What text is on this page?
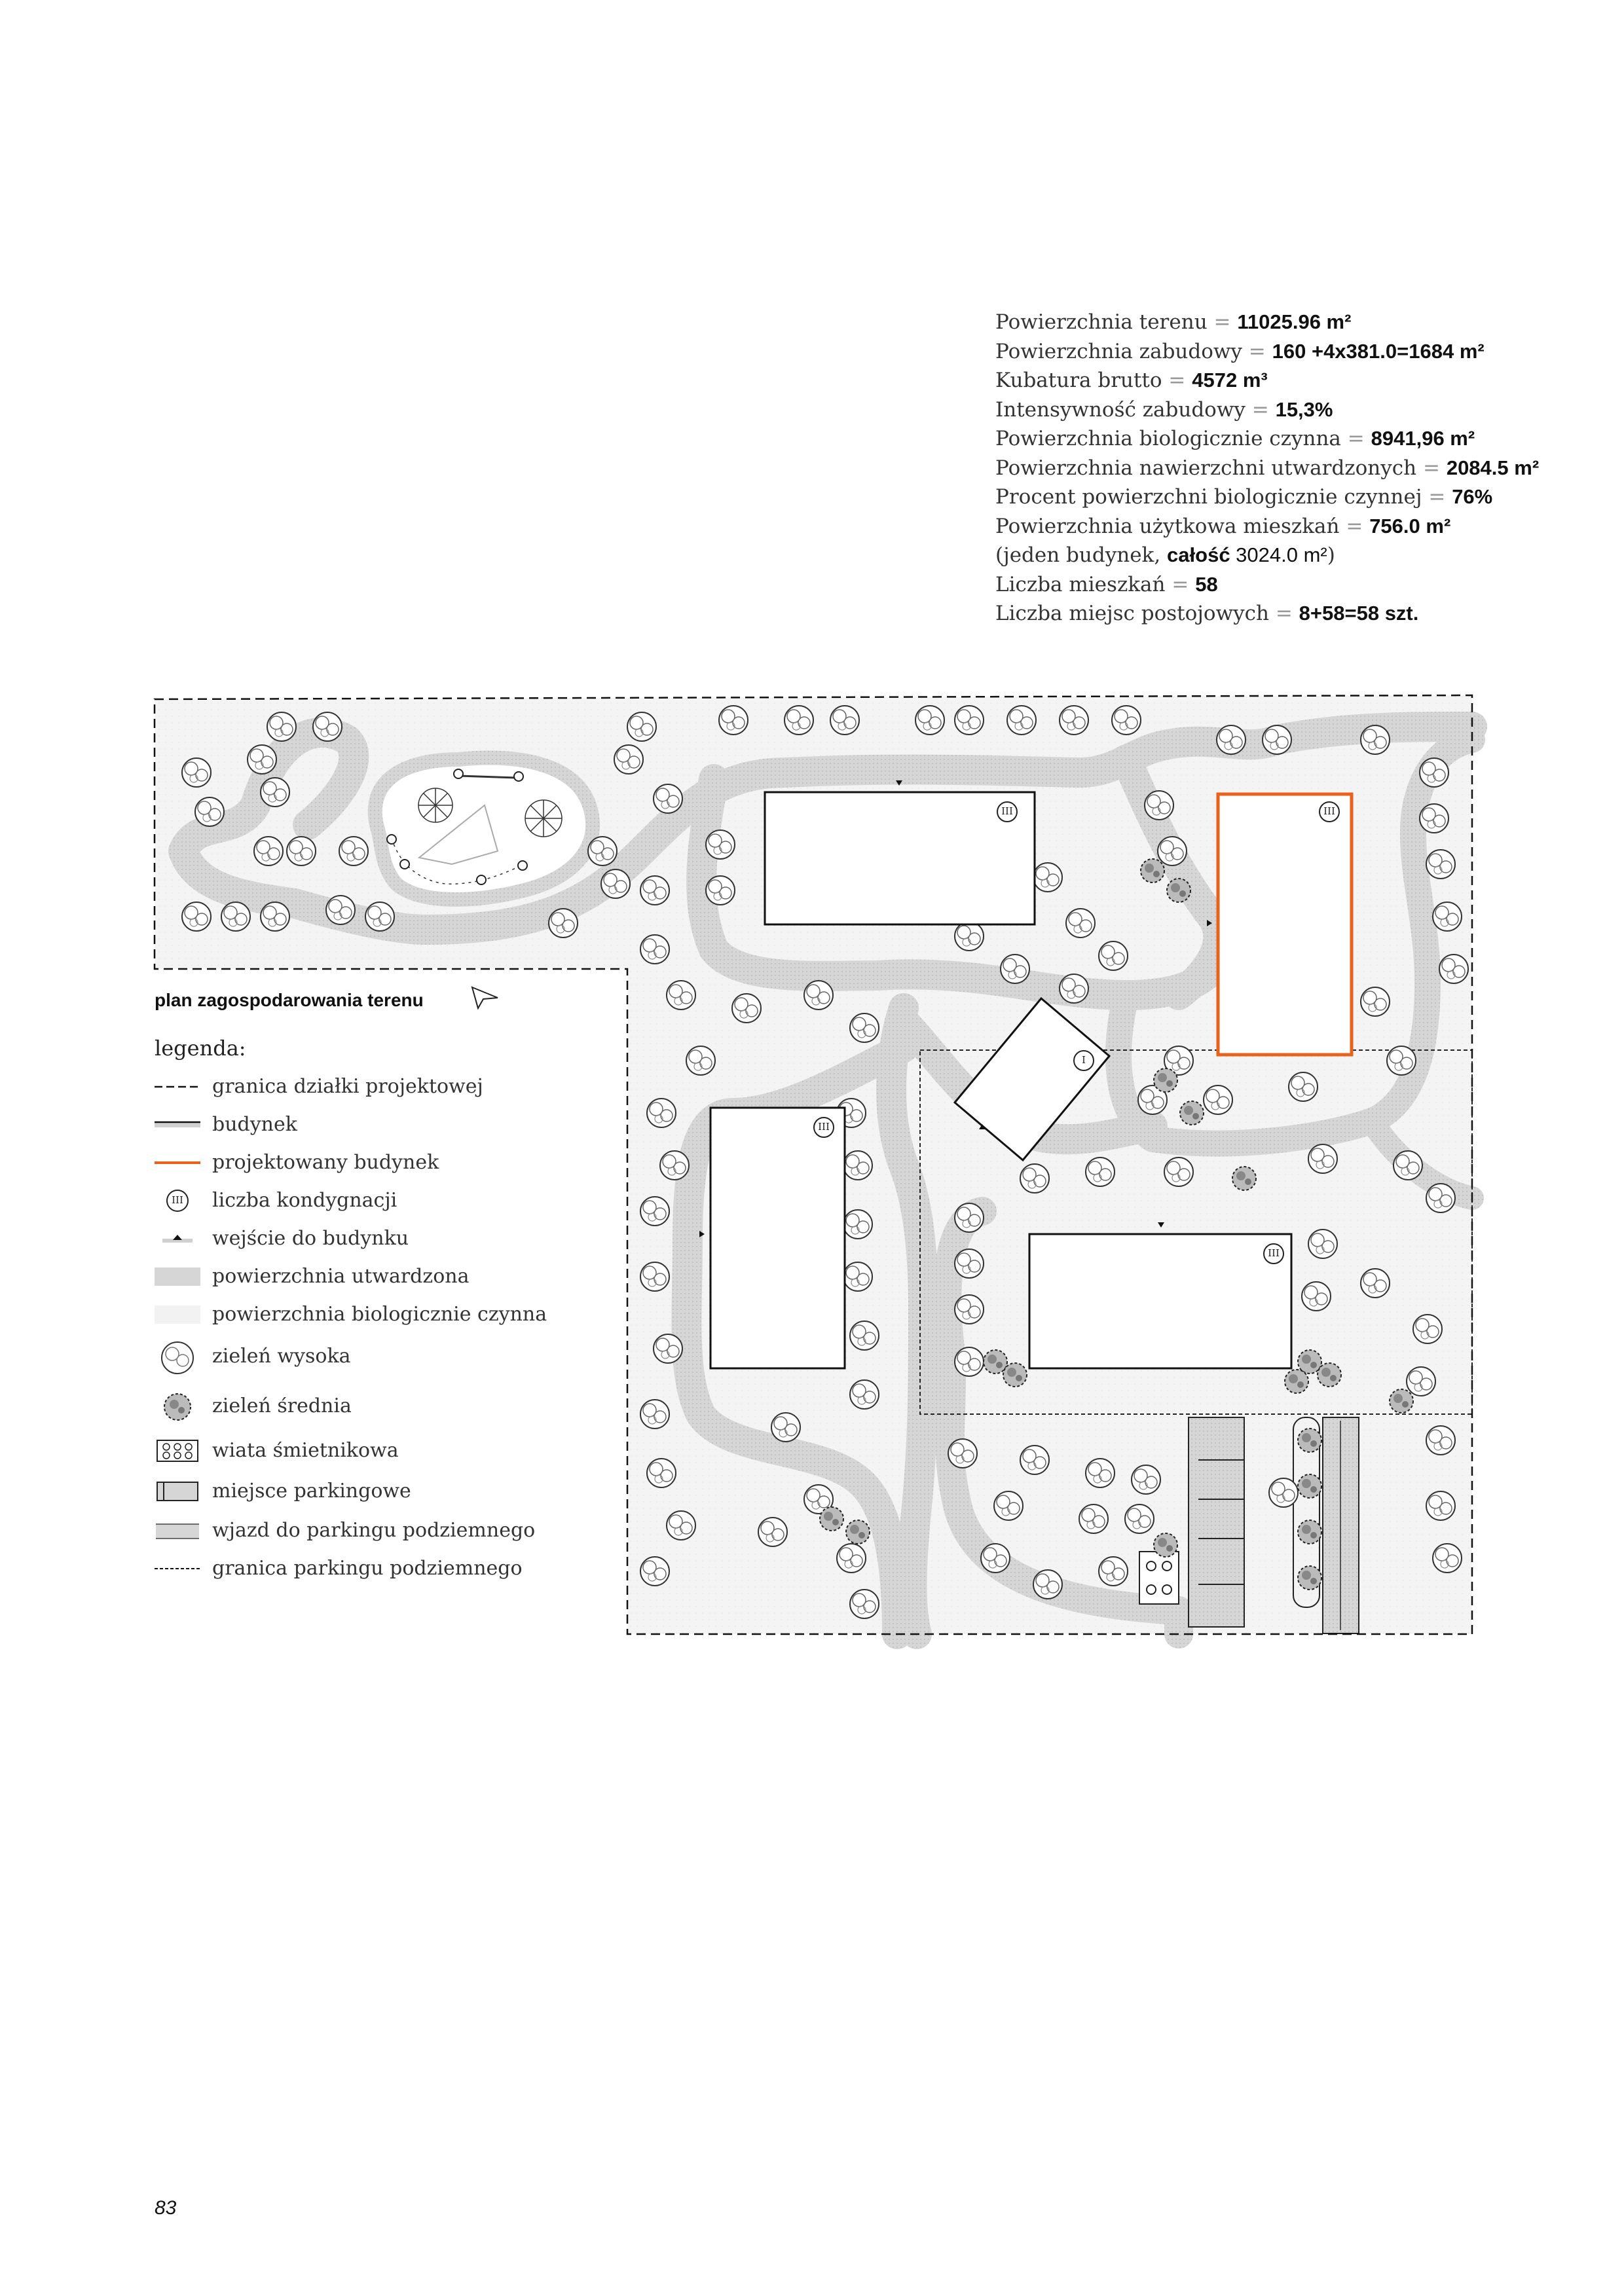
III	III
I
III
III
Powierzchnia terenu = 11025.96 m²
Powierzchnia zabudowy = 160 +4x381.0=1684 m²
Kubatura brutto = 4572 m³
Intensywność zabudowy = 15,3%
Powierzchnia biologicznie czynna = 8941,96 m²
Powierzchnia nawierzchni utwardzonych = 2084.5 m²
Procent powierzchni biologicznie czynnej = 76%
Powierzchnia użytkowa mieszkań = 756.0 m²
(jeden budynek, całość 3024.0 m²)
Liczba mieszkań = 58
Liczba miejsc postojowych = 8+58=58 szt.
plan zagospodarowania terenu
legenda:
granica działki projektowej
budynek
projektowany budynek
III liczba kondygnacji
wejście do budynku
powierzchnia utwardzona
powierzchnia biologicznie czynna
zieleń wysoka
zieleń średnia
wiata śmietnikowa
miejsce parkingowe
wjazd do parkingu podziemnego
granica parkingu podziemnego
83
